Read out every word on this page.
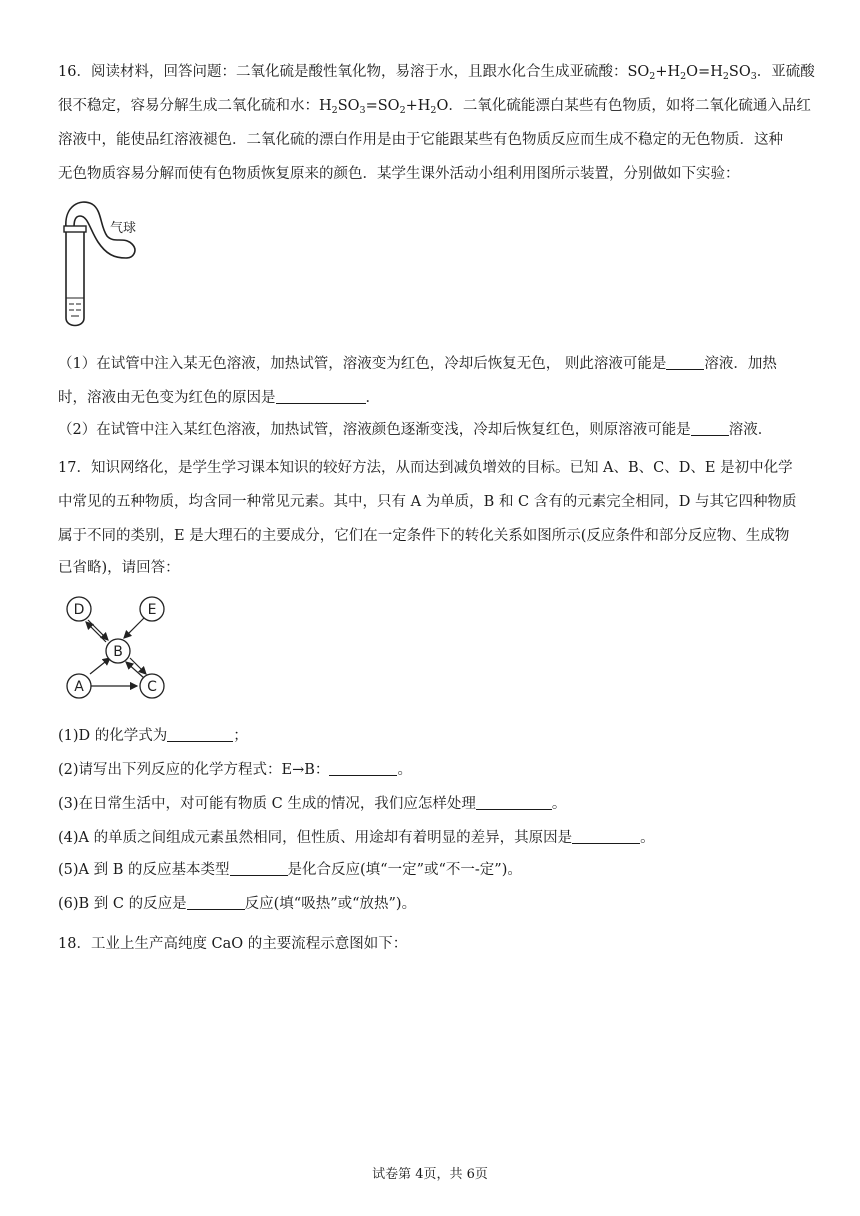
16．阅读材料，回答问题：二氧化硫是酸性氧化物，易溶于水，且跟水化合生成亚硫酸：$SO_2+H_2O=H_2SO_3$．亚硫酸
很不稳定，容易分解生成二氧化硫和水：$H_2SO_3=SO_2+H_2O$．二氧化硫能漂白某些有色物质，如将二氧化硫通入品红
溶液中，能使品红溶液褪色．二氧化硫的漂白作用是由于它能跟某些有色物质反应而生成不稳定的无色物质．这种
无色物质容易分解而使有色物质恢复原来的颜色．某学生课外活动小组利用图所示装置，分别做如下实验：
气球
（1）在试管中注入某无色溶液，加热试管，溶液变为红色，冷却后恢复无色， 则此溶液可能是	溶液．加热
时，溶液由无色变为红色的原因是	．
（2）在试管中注入某红色溶液，加热试管，溶液颜色逐渐变浅，冷却后恢复红色，则原溶液可能是	溶液．
17．知识网络化，是学生学习课本知识的较好方法，从而达到减负增效的目标。已知 A、B、C、D、E 是初中化学
中常见的五种物质，均含同一种常见元素。其中，只有 A 为单质，B 和 C 含有的元素完全相同，D 与其它四种物质
属于不同的类别，E 是大理石的主要成分，它们在一定条件下的转化关系如图所示(反应条件和部分反应物、生成物
已省略)，请回答：
D	E
B
A	C
(1)D 的化学式为	；
(2)请写出下列反应的化学方程式：E→B：	。
(3)在日常生活中，对可能有物质 C 生成的情况，我们应怎样处理	。
(4)A 的单质之间组成元素虽然相同，但性质、用途却有着明显的差异，其原因是	。
(5)A 到 B 的反应基本类型	是化合反应(填“一定”或“不一-定”)。
(6)B 到 C 的反应是	反应(填“吸热”或“放热”)。
18．工业上生产高纯度 CaO 的主要流程示意图如下：
试卷第 4页，共 6页
